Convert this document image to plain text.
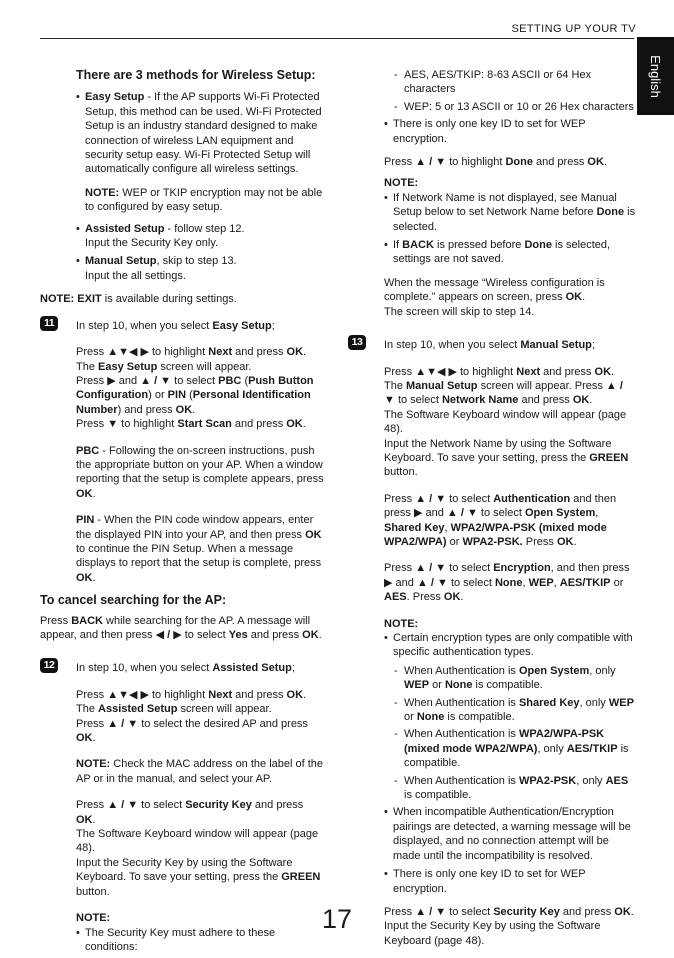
SETTING UP YOUR TV
English
There are 3 methods for Wireless Setup:
• Easy Setup - If the AP supports Wi-Fi Protected Setup, this method can be used. Wi-Fi Protected Setup is an industry standard designed to make connection of wireless LAN equipment and security setup easy. Wi-Fi Protected Setup will automatically configure all wireless settings.
NOTE: WEP or TKIP encryption may not be able to configured by easy setup.
• Assisted Setup - follow step 12.
Input the Security Key only.
• Manual Setup, skip to step 13.
Input the all settings.
NOTE: EXIT is available during settings.
11	In step 10, when you select Easy Setup;
Press ▲▼◀ ▶ to highlight Next and press OK.
The Easy Setup screen will appear.
Press ▶ and ▲ / ▼ to select PBC (Push Button Configuration) or PIN (Personal Identification Number) and press OK.
Press ▼ to highlight Start Scan and press OK.
PBC - Following the on-screen instructions, push the appropriate button on your AP. When a window reporting that the setup is complete appears, press OK.
PIN - When the PIN code window appears, enter the displayed PIN into your AP, and then press OK to continue the PIN Setup. When a message displays to report that the setup is complete, press OK.
To cancel searching for the AP:
Press BACK while searching for the AP. A message will appear, and then press ◀ / ▶ to select Yes and press OK.
12	In step 10, when you select Assisted Setup;
Press ▲▼◀ ▶ to highlight Next and press OK.
The Assisted Setup screen will appear.
Press ▲ / ▼ to select the desired AP and press OK.
NOTE: Check the MAC address on the label of the AP or in the manual, and select your AP.
Press ▲ / ▼ to select Security Key and press OK.
The Software Keyboard window will appear (page 48).
Input the Security Key by using the Software Keyboard. To save your setting, press the GREEN button.
NOTE:
• The Security Key must adhere to these conditions:
- AES, AES/TKIP: 8-63 ASCII or 64 Hex characters
- WEP: 5 or 13 ASCII or 10 or 26 Hex characters
• There is only one key ID to set for WEP encryption.
Press ▲ / ▼ to highlight Done and press OK.
NOTE:
• If Network Name is not displayed, see Manual Setup below to set Network Name before Done is selected.
• If BACK is pressed before Done is selected, settings are not saved.
When the message “Wireless configuration is complete.” appears on screen, press OK.
The screen will skip to step 14.
13	In step 10, when you select Manual Setup;
Press ▲▼◀ ▶ to highlight Next and press OK.
The Manual Setup screen will appear. Press ▲ / ▼ to select Network Name and press OK.
The Software Keyboard window will appear (page 48).
Input the Network Name by using the Software Keyboard. To save your setting, press the GREEN button.
Press ▲ / ▼ to select Authentication and then press ▶ and ▲ / ▼ to select Open System, Shared Key, WPA2/WPA-PSK (mixed mode WPA2/WPA) or WPA2-PSK. Press OK.
Press ▲ / ▼ to select Encryption, and then press ▶ and ▲ / ▼ to select None, WEP, AES/TKIP or AES. Press OK.
NOTE:
• Certain encryption types are only compatible with specific authentication types.
- When Authentication is Open System, only WEP or None is compatible.
- When Authentication is Shared Key, only WEP or None is compatible.
- When Authentication is WPA2/WPA-PSK (mixed mode WPA2/WPA), only AES/TKIP is compatible.
- When Authentication is WPA2-PSK, only AES is compatible.
• When incompatible Authentication/Encryption pairings are detected, a warning message will be displayed, and no connection attempt will be made until the incompatibility is resolved.
• There is only one key ID to set for WEP encryption.
Press ▲ / ▼ to select Security Key and press OK.
Input the Security Key by using the Software Keyboard (page 48).
17
